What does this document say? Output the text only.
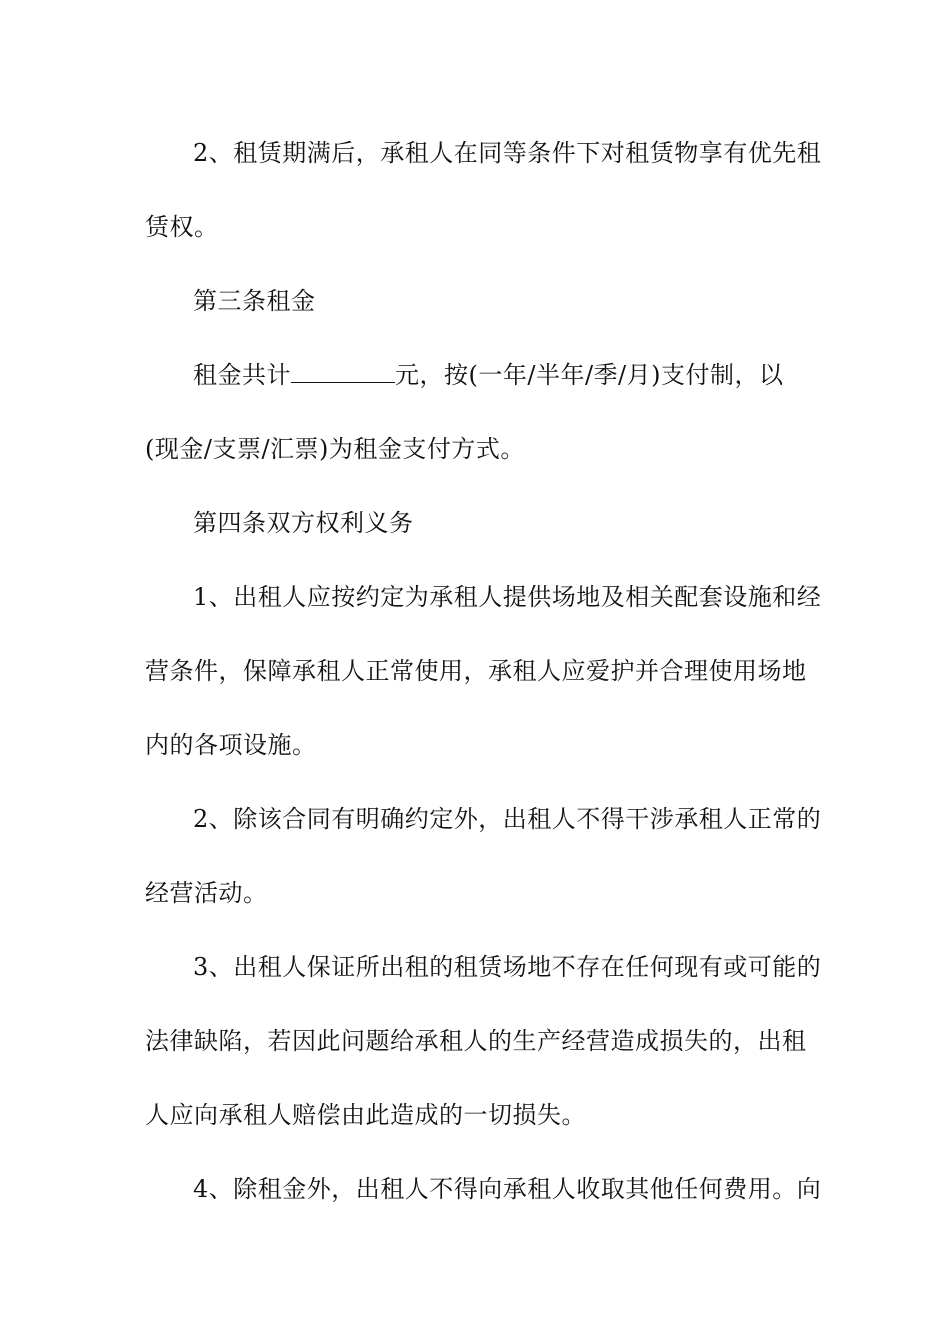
2、租赁期满后，承租人在同等条件下对租赁物享有优先租
赁权。
第三条租金
租金共计	元，按(一年/半年/季/月)支付制，以
(现金/支票/汇票)为租金支付方式。
第四条双方权利义务
1、出租人应按约定为承租人提供场地及相关配套设施和经
营条件，保障承租人正常使用，承租人应爱护并合理使用场地
内的各项设施。
2、除该合同有明确约定外，出租人不得干涉承租人正常的
经营活动。
3、出租人保证所出租的租赁场地不存在任何现有或可能的
法律缺陷，若因此问题给承租人的生产经营造成损失的，出租
人应向承租人赔偿由此造成的一切损失。
4、除租金外，出租人不得向承租人收取其他任何费用。向
